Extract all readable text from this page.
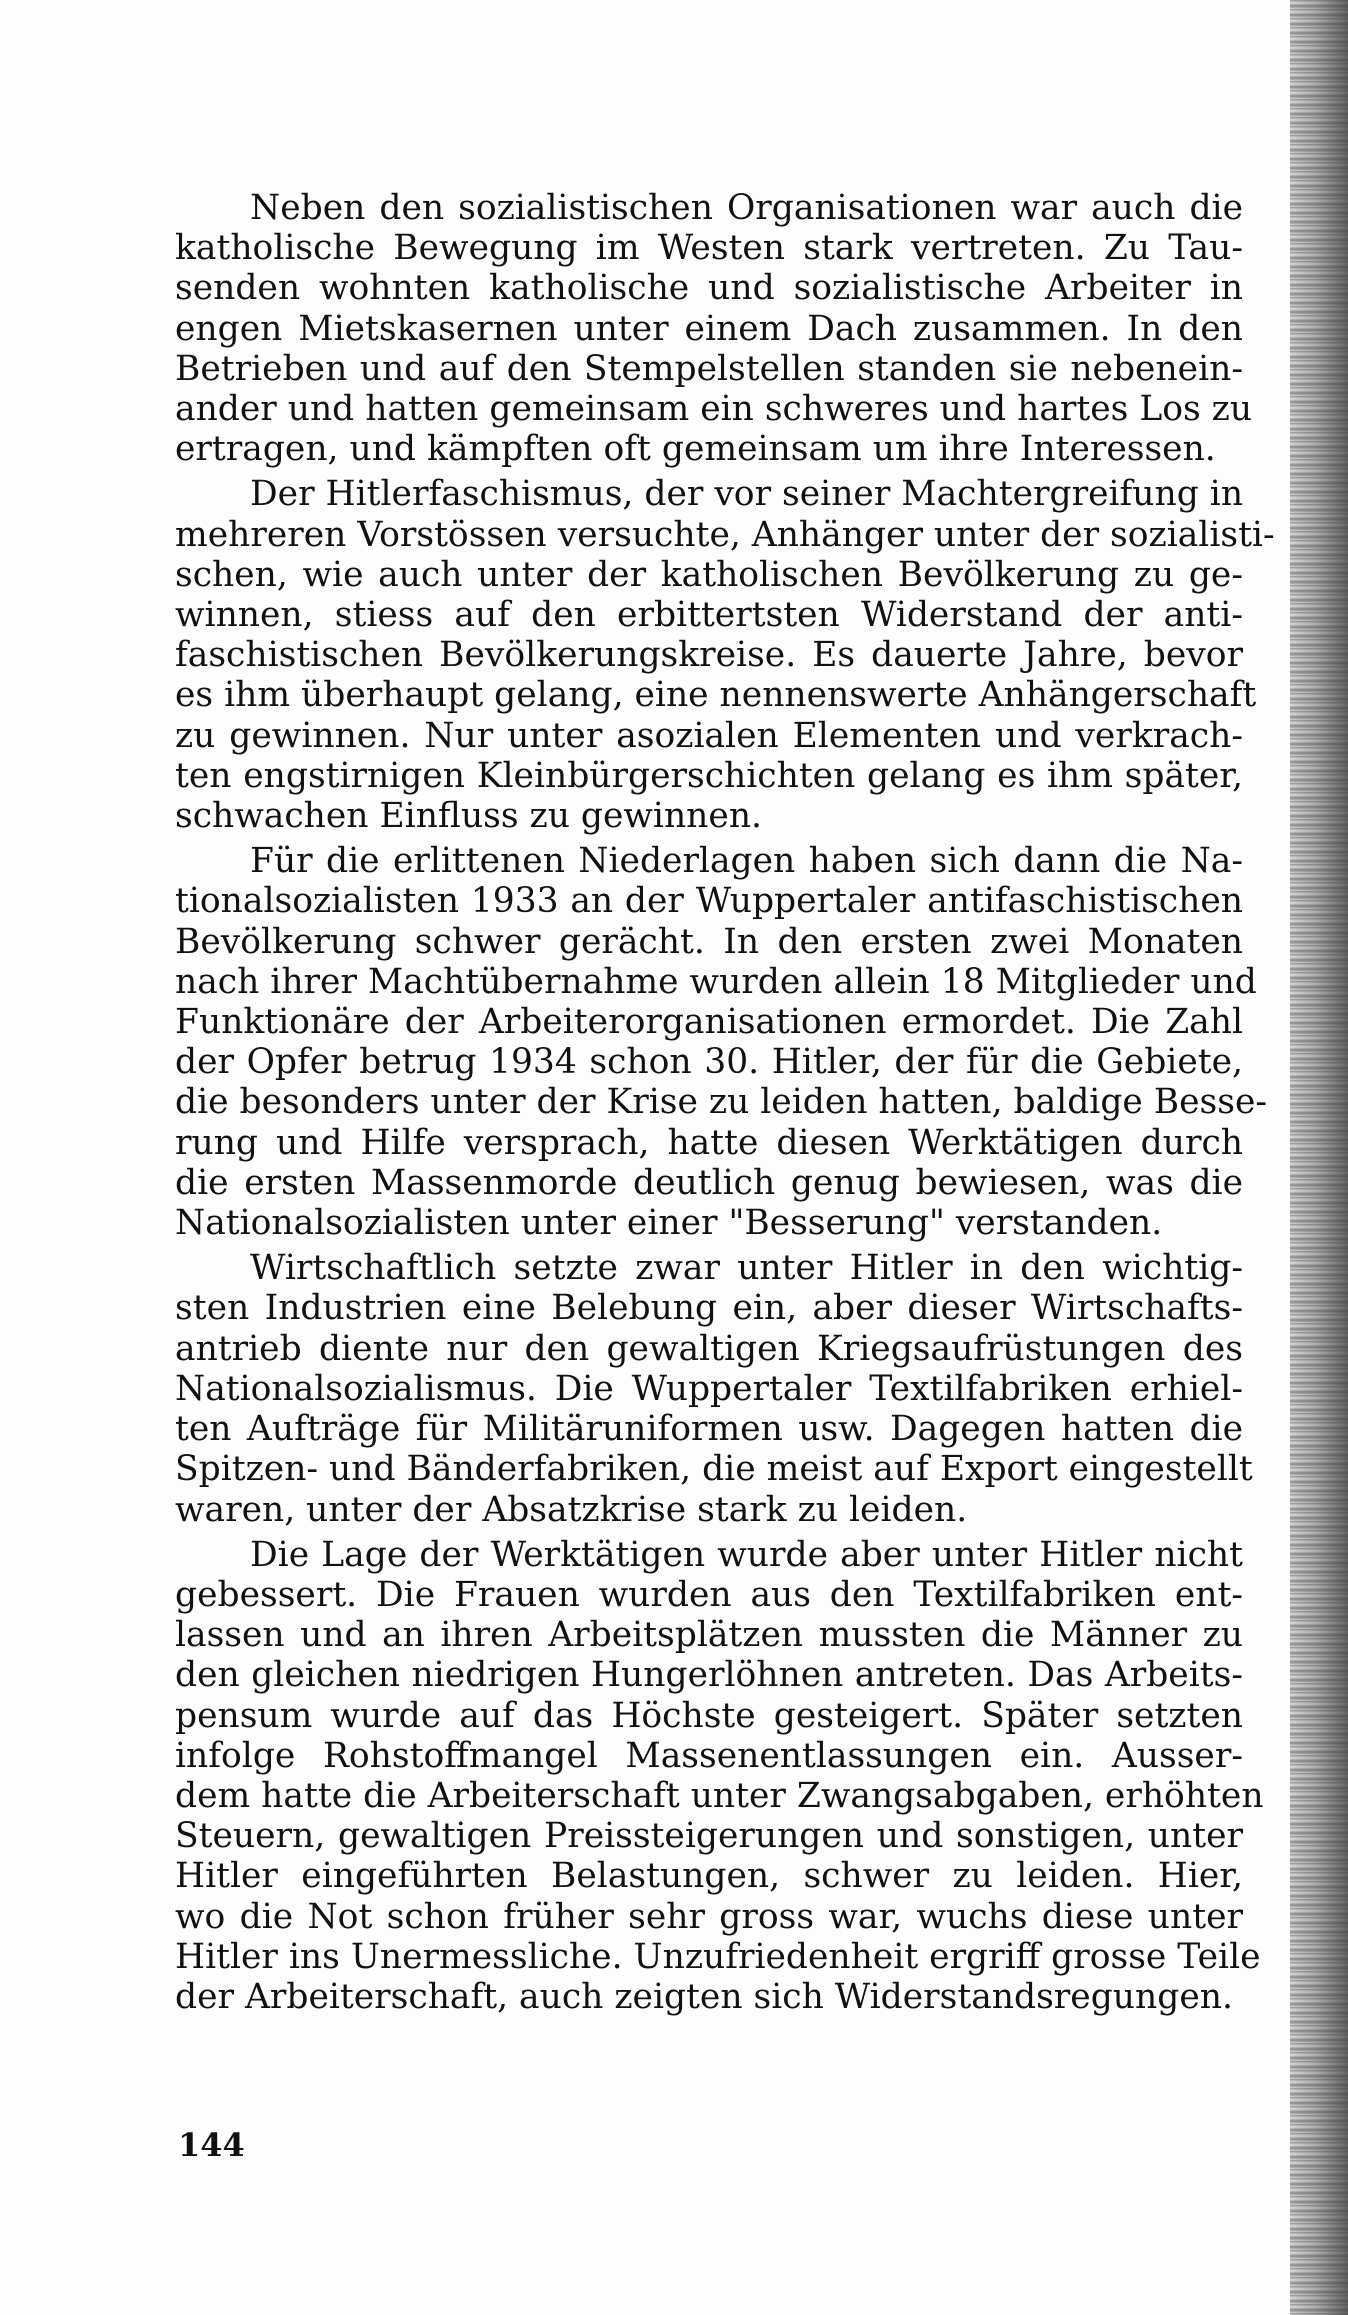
Neben den sozialistischen Organisationen war auch die
katholische Bewegung im Westen stark vertreten. Zu Tau-
senden wohnten katholische und sozialistische Arbeiter in
engen Mietskasernen unter einem Dach zusammen. In den
Betrieben und auf den Stempelstellen standen sie nebenein-
ander und hatten gemeinsam ein schweres und hartes Los zu
ertragen, und kämpften oft gemeinsam um ihre Interessen.
Der Hitlerfaschismus, der vor seiner Machtergreifung in
mehreren Vorstössen versuchte, Anhänger unter der sozialisti-
schen, wie auch unter der katholischen Bevölkerung zu ge-
winnen, stiess auf den erbittertsten Widerstand der anti-
faschistischen Bevölkerungskreise. Es dauerte Jahre, bevor
es ihm überhaupt gelang, eine nennenswerte Anhängerschaft
zu gewinnen. Nur unter asozialen Elementen und verkrach-
ten engstirnigen Kleinbürgerschichten gelang es ihm später,
schwachen Einfluss zu gewinnen.
Für die erlittenen Niederlagen haben sich dann die Na-
tionalsozialisten 1933 an der Wuppertaler antifaschistischen
Bevölkerung schwer gerächt. In den ersten zwei Monaten
nach ihrer Machtübernahme wurden allein 18 Mitglieder und
Funktionäre der Arbeiterorganisationen ermordet. Die Zahl
der Opfer betrug 1934 schon 30. Hitler, der für die Gebiete,
die besonders unter der Krise zu leiden hatten, baldige Besse-
rung und Hilfe versprach, hatte diesen Werktätigen durch
die ersten Massenmorde deutlich genug bewiesen, was die
Nationalsozialisten unter einer "Besserung" verstanden.
Wirtschaftlich setzte zwar unter Hitler in den wichtig-
sten Industrien eine Belebung ein, aber dieser Wirtschafts-
antrieb diente nur den gewaltigen Kriegsaufrüstungen des
Nationalsozialismus. Die Wuppertaler Textilfabriken erhiel-
ten Aufträge für Militäruniformen usw. Dagegen hatten die
Spitzen- und Bänderfabriken, die meist auf Export eingestellt
waren, unter der Absatzkrise stark zu leiden.
Die Lage der Werktätigen wurde aber unter Hitler nicht
gebessert. Die Frauen wurden aus den Textilfabriken ent-
lassen und an ihren Arbeitsplätzen mussten die Männer zu
den gleichen niedrigen Hungerlöhnen antreten. Das Arbeits-
pensum wurde auf das Höchste gesteigert. Später setzten
infolge Rohstoffmangel Massenentlassungen ein. Ausser-
dem hatte die Arbeiterschaft unter Zwangsabgaben, erhöhten
Steuern, gewaltigen Preissteigerungen und sonstigen, unter
Hitler eingeführten Belastungen, schwer zu leiden. Hier,
wo die Not schon früher sehr gross war, wuchs diese unter
Hitler ins Unermessliche. Unzufriedenheit ergriff grosse Teile
der Arbeiterschaft, auch zeigten sich Widerstandsregungen.
144
